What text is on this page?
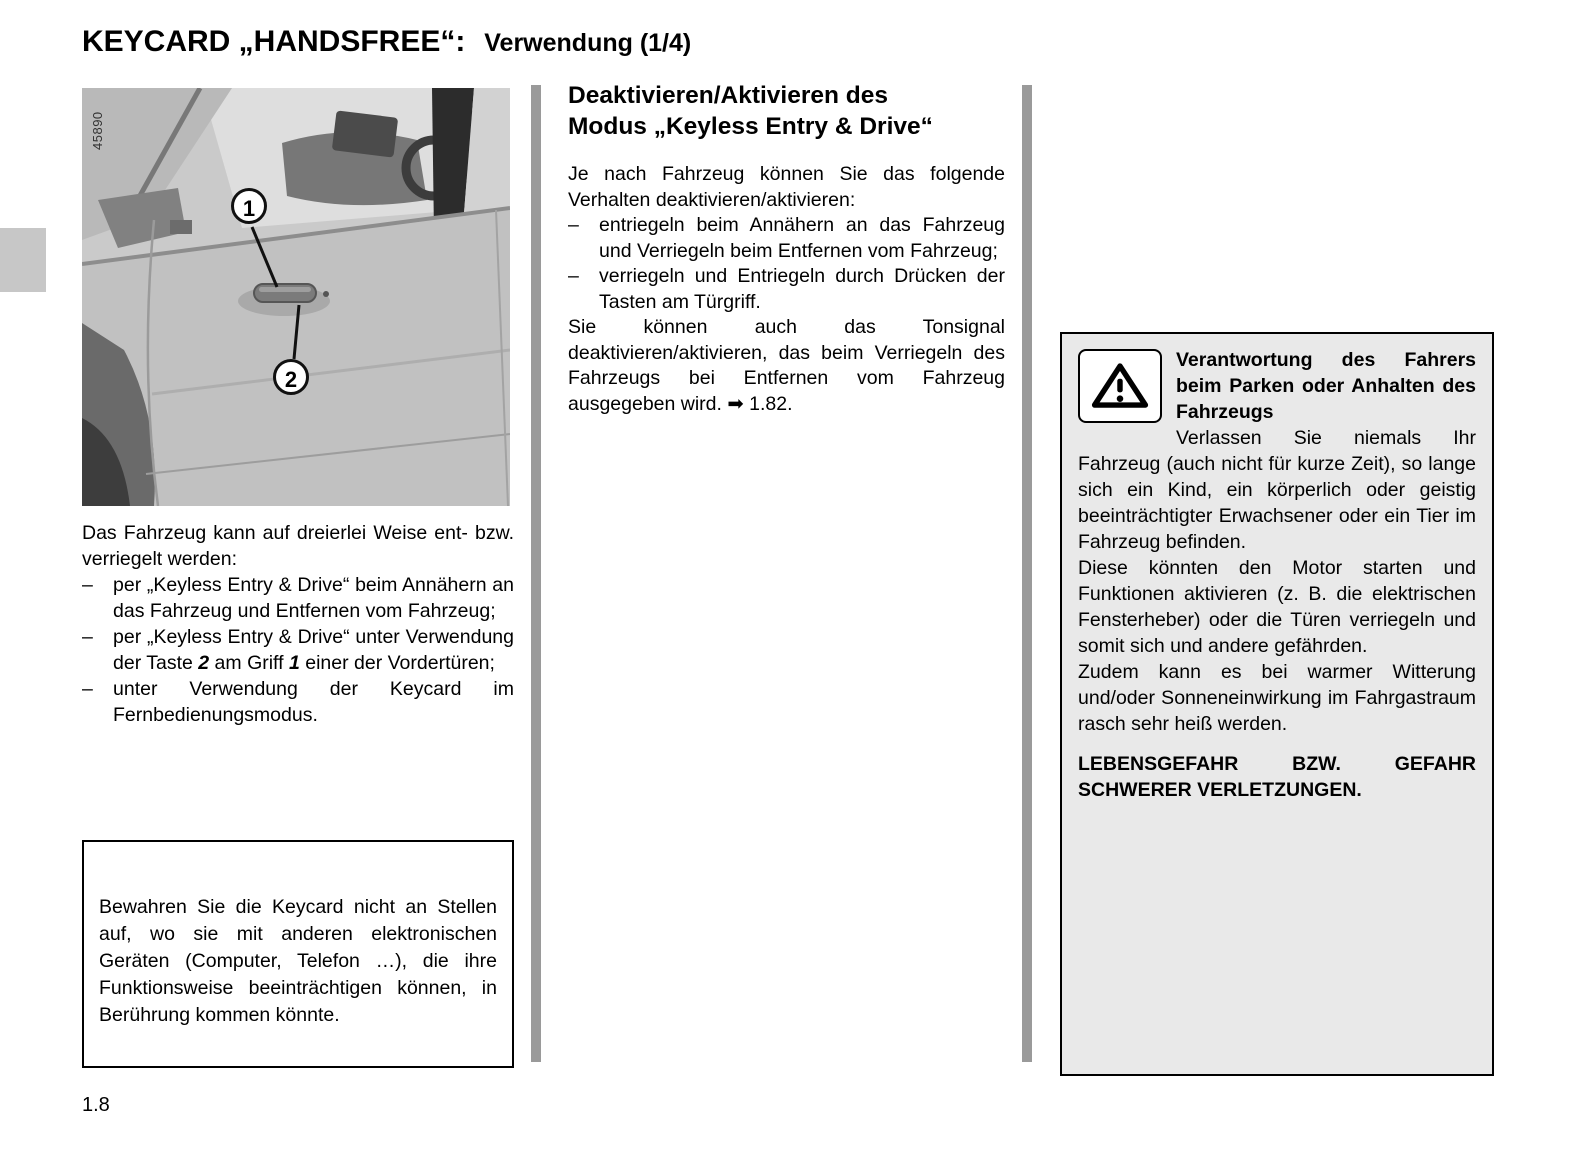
KEYCARD „HANDSFREE“: Verwendung (1/4)
45890
1
2

Das Fahrzeug kann auf dreierlei Weise ent- bzw. verriegelt werden:

–	per „Keyless Entry & Drive“ beim Annähern an das Fahrzeug und Entfernen vom Fahrzeug;

–	per „Keyless Entry & Drive“ unter Verwendung der Taste 2 am Griff 1 einer der Vordertüren;

–	unter Verwendung der Keycard im Fernbedienungsmodus.

Bewahren Sie die Keycard nicht an Stellen auf, wo sie mit anderen elektronischen Geräten (Computer, Telefon …), die ihre Funktionsweise beeinträchtigen können, in Berührung kommen könnte.

Deaktivieren/Aktivieren des
Modus „Keyless Entry & Drive“

Je nach Fahrzeug können Sie das folgende Verhalten deaktivieren/aktivieren:

–	entriegeln beim Annähern an das Fahrzeug und Verriegeln beim Entfernen vom Fahrzeug;

–	verriegeln und Entriegeln durch Drücken der Tasten am Türgriff.

Sie können auch das Tonsignal deaktivieren/aktivieren, das beim Verriegeln des Fahrzeugs bei Entfernen vom Fahrzeug ausgegeben wird. ➡ 1.82.

Verantwortung des Fahrers beim Parken oder Anhalten des Fahrzeugs

Verlassen Sie niemals Ihr Fahrzeug (auch nicht für kurze Zeit), so lange sich ein Kind, ein körperlich oder geistig beeinträchtigter Erwachsener oder ein Tier im Fahrzeug befinden.

Diese könnten den Motor starten und Funktionen aktivieren (z. B. die elektrischen Fensterheber) oder die Türen verriegeln und somit sich und andere gefährden.

Zudem kann es bei warmer Witterung und/oder Sonneneinwirkung im Fahrgastraum rasch sehr heiß werden.

LEBENSGEFAHR BZW. GEFAHR SCHWERER VERLETZUNGEN.

1.8
